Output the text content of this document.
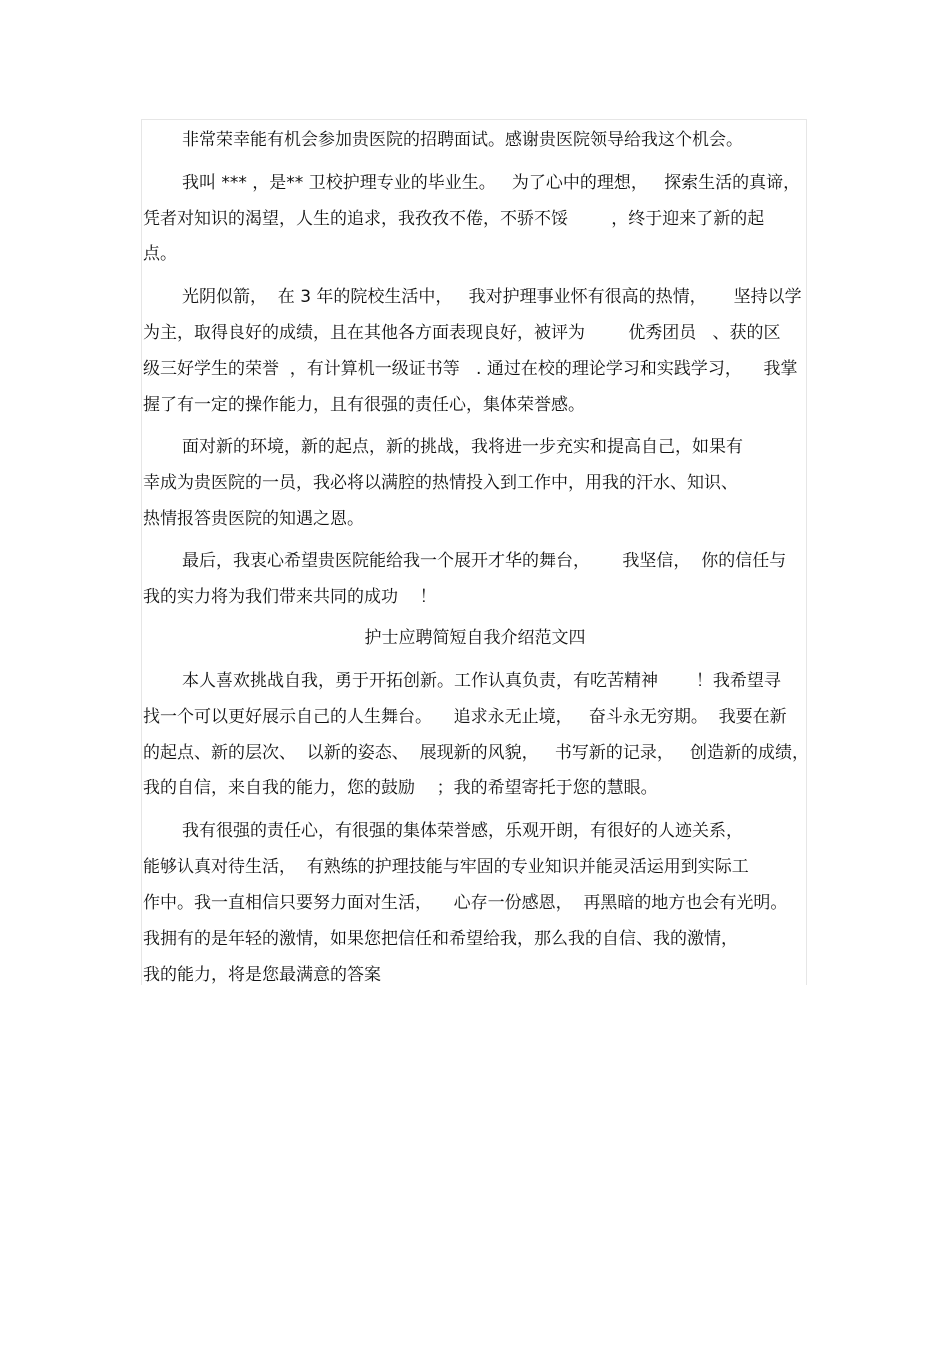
非常荣幸能有机会参加贵医院的招聘面试。感谢贵医院领导给我这个机会。
我叫 *** ，是** 卫校护理专业的毕业生。   为了心中的理想，   探索生活的真谛，
凭者对知识的渴望，人生的追求，我孜孜不倦，不骄不馁        ，终于迎来了新的起
点。
光阴似箭，  在 3 年的院校生活中，   我对护理事业怀有很高的热情，     坚持以学
为主，取得良好的成绩，且在其他各方面表现良好，被评为        优秀团员   、获的区
级三好学生的荣誉  ，有计算机一级证书等   . 通过在校的理论学习和实践学习，    我掌
握了有一定的操作能力，且有很强的责任心，集体荣誉感。
面对新的环境，新的起点，新的挑战，我将进一步充实和提高自己，如果有
幸成为贵医院的一员，我必将以满腔的热情投入到工作中，用我的汗水、知识、
热情报答贵医院的知遇之恩。
最后，我衷心希望贵医院能给我一个展开才华的舞台，      我坚信，  你的信任与
我的实力将为我们带来共同的成功    ！
护士应聘简短自我介绍范文四
本人喜欢挑战自我，勇于开拓创新。工作认真负责，有吃苦精神       ！我希望寻
找一个可以更好展示自己的人生舞台。    追求永无止境，   奋斗永无穷期。  我要在新
的起点、新的层次、  以新的姿态、  展现新的风貌，   书写新的记录，   创造新的成绩，
我的自信，来自我的能力，您的鼓励    ；我的希望寄托于您的慧眼。
我有很强的责任心，有很强的集体荣誉感，乐观开朗，有很好的人迹关系，
能够认真对待生活，  有熟练的护理技能与牢固的专业知识并能灵活运用到实际工
作中。我一直相信只要努力面对生活，    心存一份感恩，  再黑暗的地方也会有光明。
我拥有的是年轻的激情，如果您把信任和希望给我，那么我的自信、我的激情，
我的能力，将是您最满意的答案
